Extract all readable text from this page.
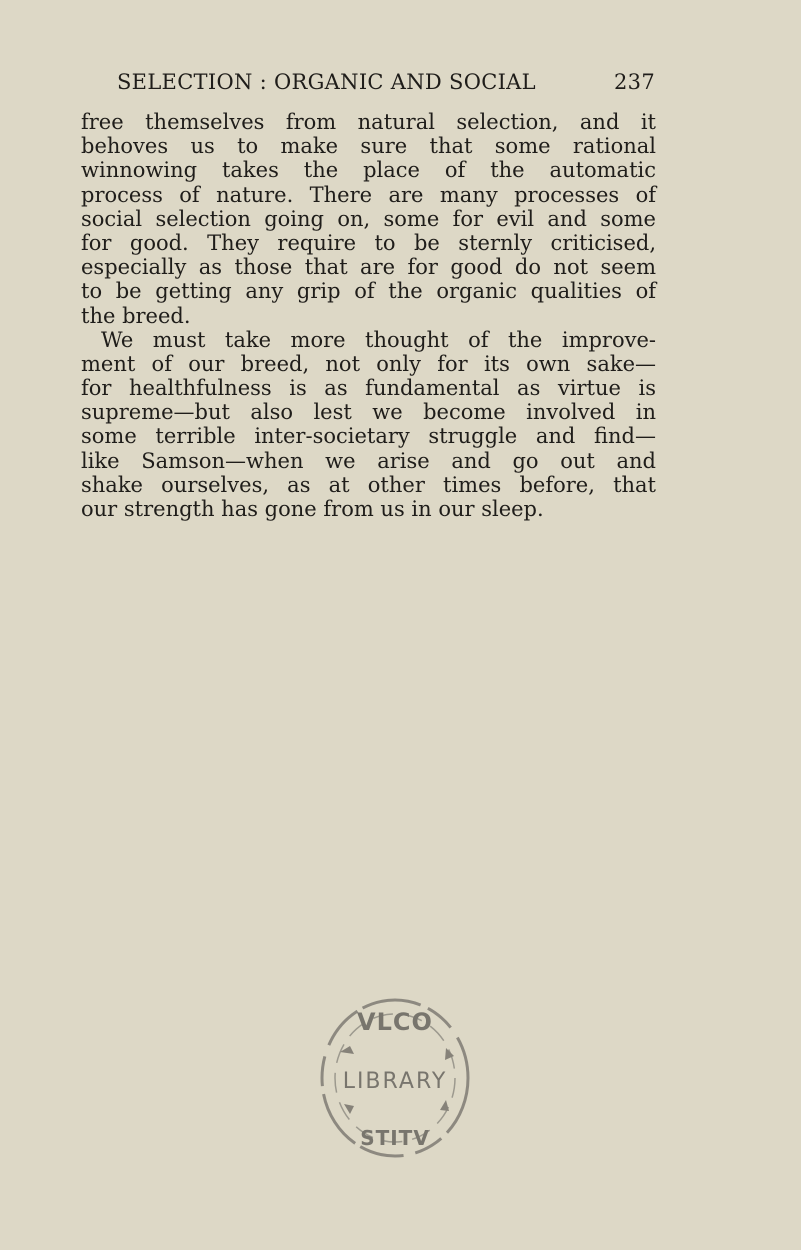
SELECTION : ORGANIC AND SOCIAL	237
free themselves from natural selection, and it
behoves us to make sure that some rational
winnowing takes the place of the automatic
process of nature. There are many processes of
social selection going on, some for evil and some
for good. They require to be sternly criticised,
especially as those that are for good do not seem
to be getting any grip of the organic qualities of
the breed.
We must take more thought of the improve-
ment of our breed, not only for its own sake—
for healthfulness is as fundamental as virtue is
supreme—but also lest we become involved in
some terrible inter-societary struggle and find—
like Samson—when we arise and go out and
shake ourselves, as at other times before, that
our strength has gone from us in our sleep.
VLCO
LIBRARY
STITV
